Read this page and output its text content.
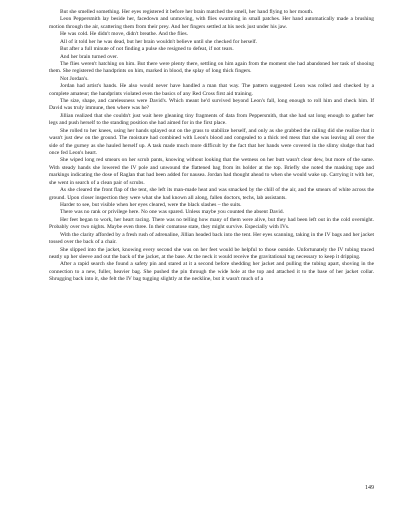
But she smelled something. Her eyes registered it before her brain matched the smell, her hand flying to her mouth.

Leon Peppersmith lay beside her, facedown and unmoving, with flies swarming in small patches. Her hand automatically made a brushing motion through the air, scattering them from their prey. And her fingers settled at his neck just under his jaw.

He was cold. He didn't move, didn't breathe. And the flies.

All of it told her he was dead, but her brain wouldn't believe until she checked for herself.

But after a full minute of not finding a pulse she resigned to defeat, if not tears.

And her brain turned over.

The flies weren't hatching on him. But there were plenty there, settling on him again from the moment she had abandoned her task of shooing them. She registered the handprints on him, marked in blood, the splay of long thick fingers.

Not Jordan's.

Jordan had artist's hands. He also would never have handled a man that way. The pattern suggested Leon was rolled and checked by a complete amateur; the handprints violated even the basics of any Red Cross first aid training.

The size, shape, and carelessness were David's. Which meant he'd survived beyond Leon's fall, long enough to roll him and check him. If David was truly immune, then where was he?

Jillian realized that she couldn't just wait here gleaning tiny fragments of data from Peppersmith, that she had sat long enough to gather her legs and push herself to the standing position she had aimed for in the first place.

She rolled to her knees, using her hands splayed out on the grass to stabilize herself, and only as she grabbed the railing did she realize that it wasn't just dew on the ground. The moisture had combined with Leon's blood and congealed to a thick red mess that she was leaving all over the side of the gurney as she hauled herself up. A task made much more difficult by the fact that her hands were covered in the slimy sludge that had once fed Leon's heart.

She wiped long red smears on her scrub pants, knowing without looking that the wetness on her butt wasn't clear dew, but more of the same. With steady hands she lowered the IV pole and unwound the flattened bag from its holder at the top. Briefly she noted the masking tape and markings indicating the dose of Raglan that had been added for nausea. Jordan had thought ahead to when she would wake up. Carrying it with her, she went in search of a clean pair of scrubs.

As she cleared the front flap of the tent, she left its man-made heat and was smacked by the chill of the air, and the smears of white across the ground. Upon closer inspection they were what she had known all along, fallen doctors, techs, lab assistants.

Harder to see, but visible when her eyes cleared, were the black slashes – the suits.

There was no rank or privilege here. No one was spared. Unless maybe you counted the absent David.

Her feet began to work, her heart racing. There was no telling how many of them were alive, but they had been left out in the cold overnight. Probably over two nights. Maybe even three. In their comatose state, they might survive. Especially with IVs.

With the clarity afforded by a fresh rush of adrenaline, Jillian headed back into the tent. Her eyes scanning, taking in the IV bags and her jacket tossed over the back of a chair.

She slipped into the jacket, knowing every second she was on her feet would be helpful to those outside. Unfortunately the IV tubing traced neatly up her sleeve and out the back of the jacket, at the base. At the neck it would receive the gravitational tug necessary to keep it dripping.

After a rapid search she found a safety pin and stared at it a second before shedding her jacket and pulling the tubing apart, shoving in the connection to a new, fuller, heavier bag. She pushed the pin through the wide hole at the top and attached it to the base of her jacket collar. Shrugging back into it, she felt the IV bag tugging slightly at the neckline, but it wasn't much of a

149
